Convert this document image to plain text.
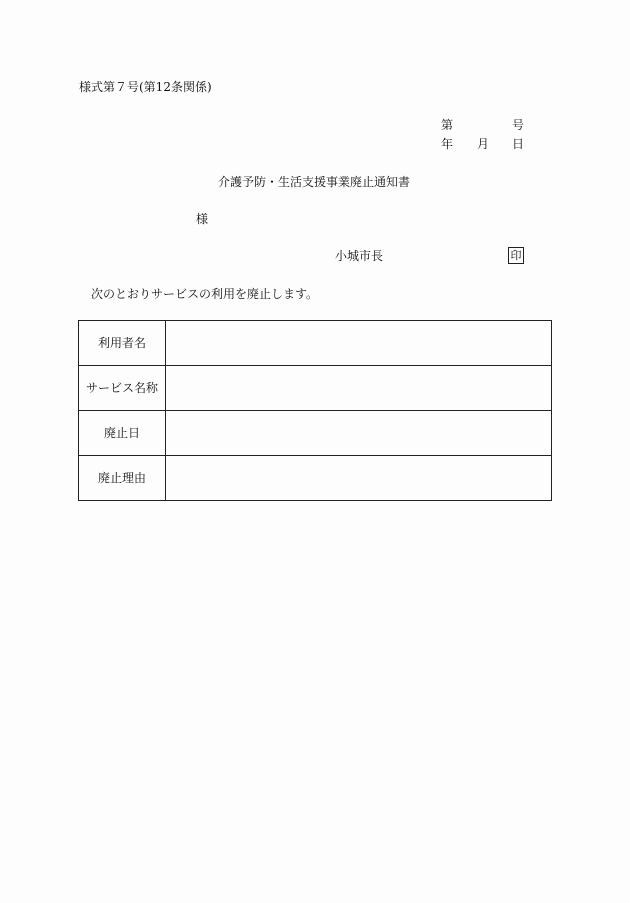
様式第７号(第12条関係)
第	号
年 月 日
介護予防・生活支援事業廃止通知書
様
小城市長	印
次のとおりサービスの利用を廃止します。
利用者名	
サービス名称	
廃止日	
廃止理由	
